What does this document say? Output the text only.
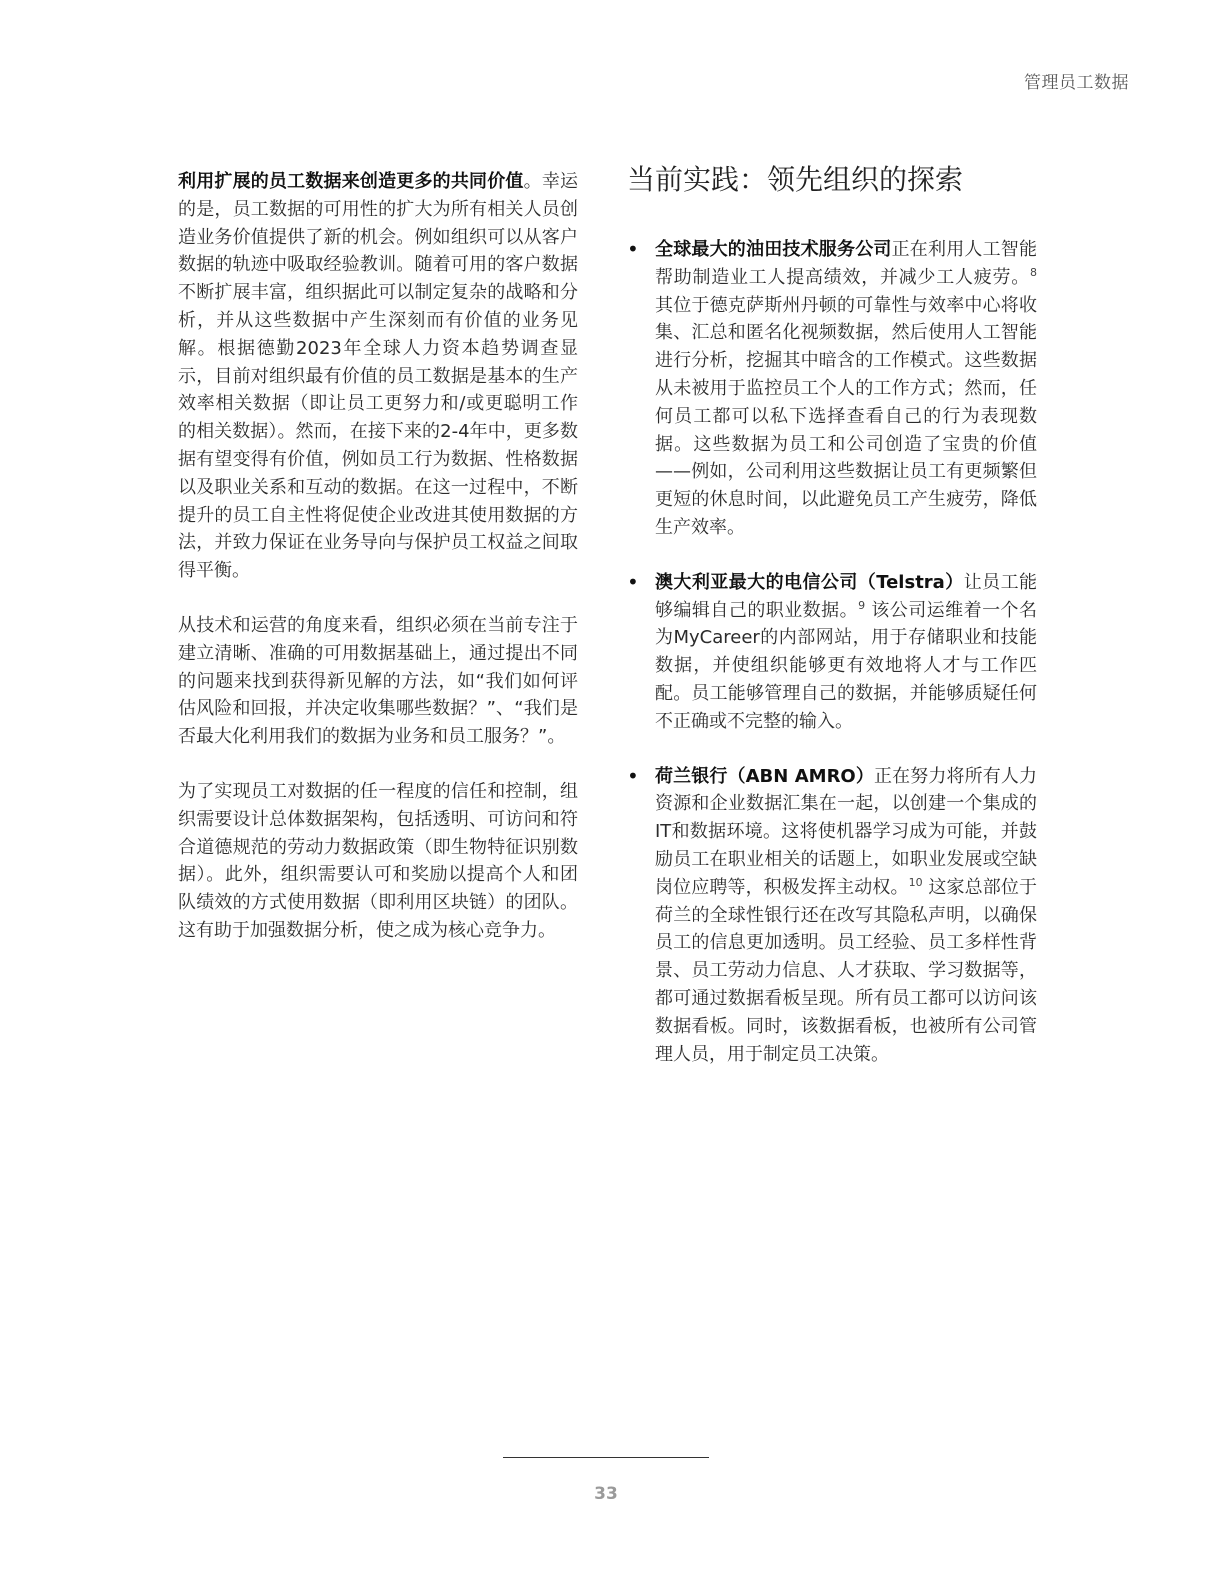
管理员工数据

利用扩展的员工数据来创造更多的共同价值。幸运的是，员工数据的可用性的扩大为所有相关人员创造业务价值提供了新的机会。例如组织可以从客户数据的轨迹中吸取经验教训。随着可用的客户数据不断扩展丰富，组织据此可以制定复杂的战略和分析，并从这些数据中产生深刻而有价值的业务见解。根据德勤2023年全球人力资本趋势调查显示，目前对组织最有价值的员工数据是基本的生产效率相关数据（即让员工更努力和/或更聪明工作的相关数据）。然而，在接下来的2-4年中，更多数据有望变得有价值，例如员工行为数据、性格数据以及职业关系和互动的数据。在这一过程中，不断提升的员工自主性将促使企业改进其使用数据的方法，并致力保证在业务导向与保护员工权益之间取得平衡。

从技术和运营的角度来看，组织必须在当前专注于建立清晰、准确的可用数据基础上，通过提出不同的问题来找到获得新见解的方法，如“我们如何评估风险和回报，并决定收集哪些数据？”、“我们是否最大化利用我们的数据为业务和员工服务？”。

为了实现员工对数据的任一程度的信任和控制，组织需要设计总体数据架构，包括透明、可访问和符合道德规范的劳动力数据政策（即生物特征识别数据）。此外，组织需要认可和奖励以提高个人和团队绩效的方式使用数据（即利用区块链）的团队。这有助于加强数据分析，使之成为核心竞争力。

当前实践：领先组织的探索
• 全球最大的油田技术服务公司正在利用人工智能帮助制造业工人提高绩效，并减少工人疲劳。$^8$ 其位于德克萨斯州丹顿的可靠性与效率中心将收集、汇总和匿名化视频数据，然后使用人工智能进行分析，挖掘其中暗含的工作模式。这些数据从未被用于监控员工个人的工作方式；然而，任何员工都可以私下选择查看自己的行为表现数据。这些数据为员工和公司创造了宝贵的价值——例如，公司利用这些数据让员工有更频繁但更短的休息时间，以此避免员工产生疲劳，降低生产效率。
• 澳大利亚最大的电信公司（Telstra）让员工能够编辑自己的职业数据。$^9$ 该公司运维着一个名为MyCareer的内部网站，用于存储职业和技能数据，并使组织能够更有效地将人才与工作匹配。员工能够管理自己的数据，并能够质疑任何不正确或不完整的输入。
• 荷兰银行（ABN AMRO）正在努力将所有人力资源和企业数据汇集在一起，以创建一个集成的IT和数据环境。这将使机器学习成为可能，并鼓励员工在职业相关的话题上，如职业发展或空缺岗位应聘等，积极发挥主动权。$^{10}$ 这家总部位于荷兰的全球性银行还在改写其隐私声明，以确保员工的信息更加透明。员工经验、员工多样性背景、员工劳动力信息、人才获取、学习数据等，都可通过数据看板呈现。所有员工都可以访问该数据看板。同时，该数据看板，也被所有公司管理人员，用于制定员工决策。
33
